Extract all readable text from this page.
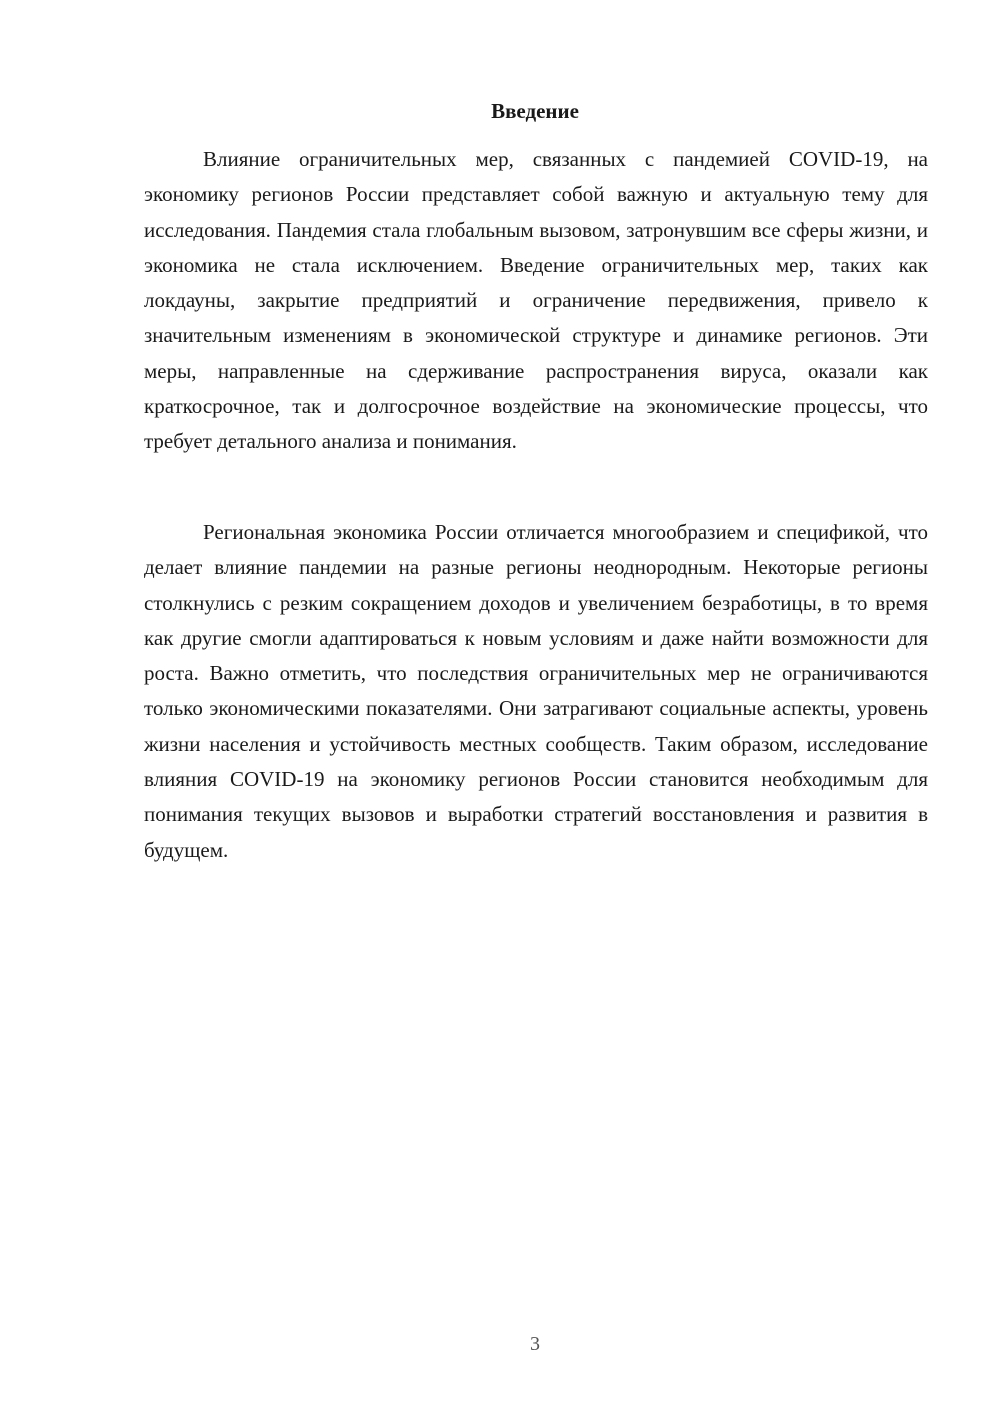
Введение

Влияние ограничительных мер, связанных с пандемией COVID-19, на экономику регионов России представляет собой важную и актуальную тему для исследования. Пандемия стала глобальным вызовом, затронувшим все сферы жизни, и экономика не стала исключением. Введение ограничительных мер, таких как локдауны, закрытие предприятий и ограничение передвижения, привело к значительным изменениям в экономической структуре и динамике регионов. Эти меры, направленные на сдерживание распространения вируса, оказали как краткосрочное, так и долгосрочное воздействие на экономические процессы, что требует детального анализа и понимания.

Региональная экономика России отличается многообразием и спецификой, что делает влияние пандемии на разные регионы неоднородным. Некоторые регионы столкнулись с резким сокращением доходов и увеличением безработицы, в то время как другие смогли адаптироваться к новым условиям и даже найти возможности для роста. Важно отметить, что последствия ограничительных мер не ограничиваются только экономическими показателями. Они затрагивают социальные аспекты, уровень жизни населения и устойчивость местных сообществ. Таким образом, исследование влияния COVID-19 на экономику регионов России становится необходимым для понимания текущих вызовов и выработки стратегий восстановления и развития в будущем.

3
